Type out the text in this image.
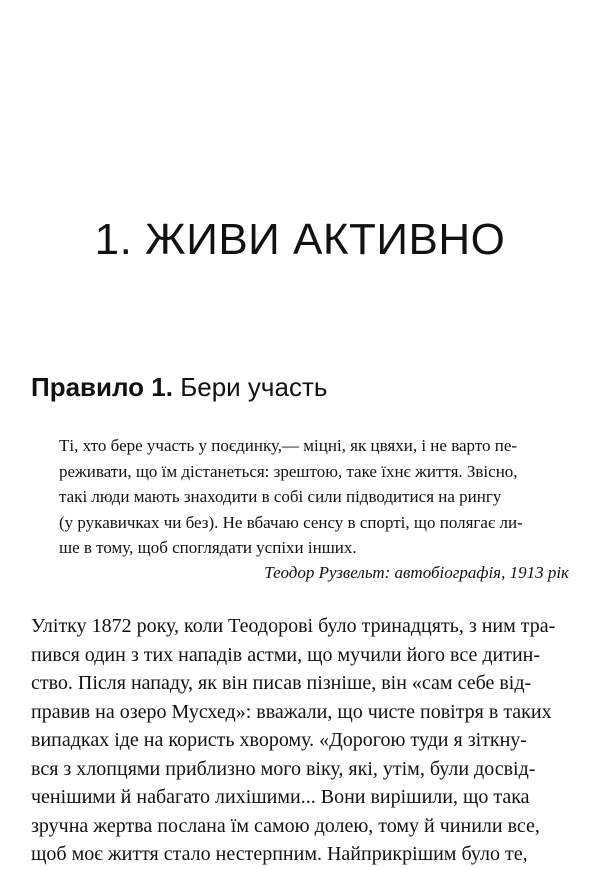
1. ЖИВИ АКТИВНО
Правило 1. Бери участь

Ті, хто бере участь у поєдинку,— міцні, як цвяхи, і не варто пе-
реживати, що їм дістанеться: зрештою, таке їхнє життя. Звісно,
такі люди мають знаходити в собі сили підводитися на рингу
(у рукавичках чи без). Не вбачаю сенсу в спорті, що полягає ли-
ше в тому, щоб споглядати успіхи інших.

Теодор Рузвельт: автобіографія, 1913 рік

Улітку 1872 року, коли Теодорові було тринадцять, з ним тра-
пився один з тих нападів астми, що мучили його все дитин-
ство. Після нападу, як він писав пізніше, він «сам себе від-
правив на озеро Мусхед»: вважали, що чисте повітря в таких
випадках іде на користь хворому. «Дорогою туди я зіткну-
вся з хлопцями приблизно мого віку, які, утім, були досвід-
ченішими й набагато лихішими... Вони вирішили, що така
зручна жертва послана їм самою долею, тому й чинили все,
щоб моє життя стало нестерпним. Найприкрішим було те,
